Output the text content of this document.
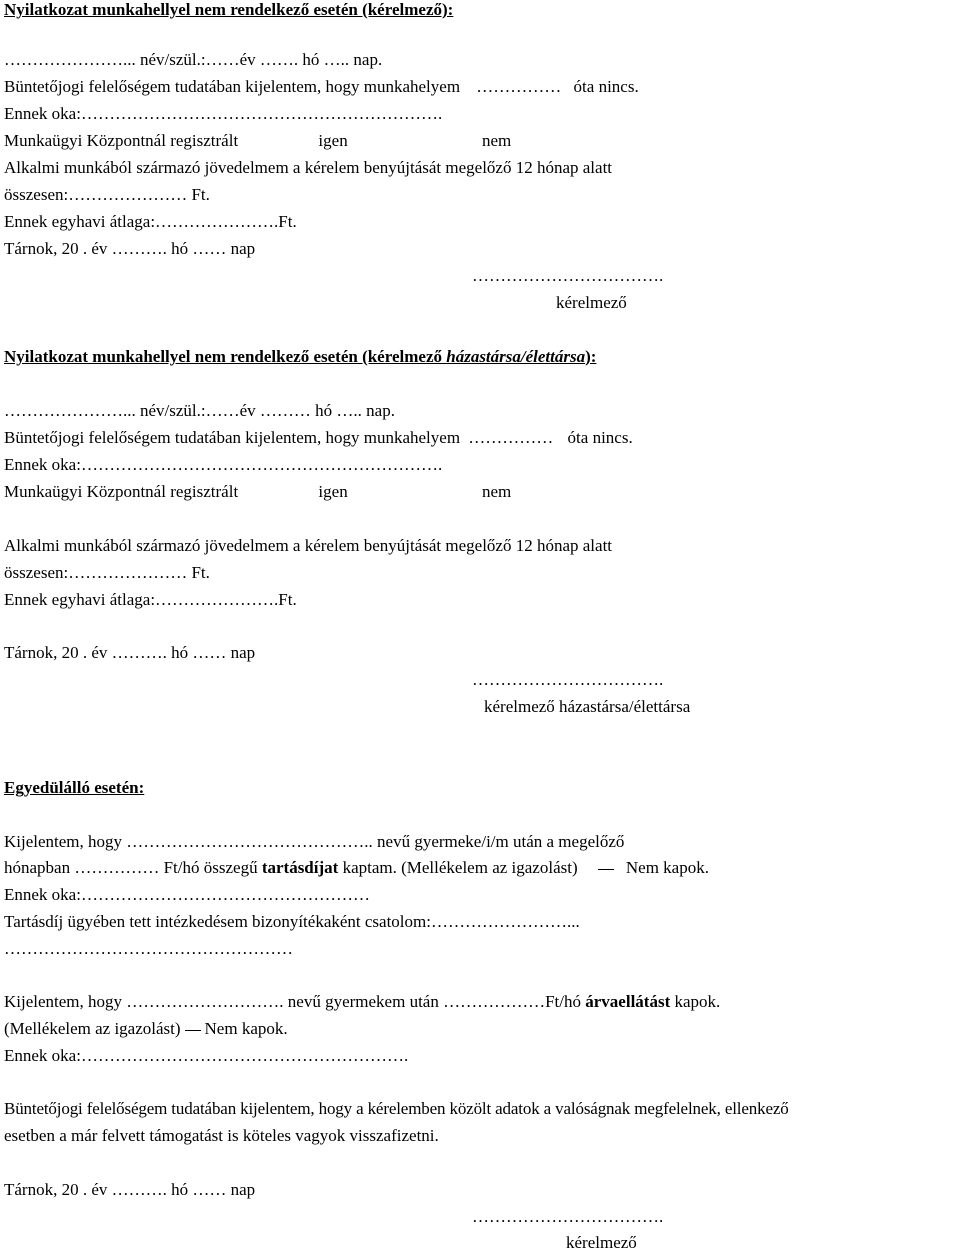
Nyilatkozat munkahellyel nem rendelkező esetén (kérelmező):
…………………... név/szül.:……év ……. hó ….. nap.
Büntetőjogi felelőségem tudatában kijelentem, hogy munkahelyem …………… óta nincs.
Ennek oka:……………………………………………………….
Munkaügyi Központnál regisztrált	igen	nem
Alkalmi munkából származó jövedelmem a kérelem benyújtását megelőző 12 hónap alatt
összesen:………………… Ft.
Ennek egyhavi átlaga:………………….Ft.
Tárnok, 20 . év ………. hó …… nap
…………………………….
kérelmező
Nyilatkozat munkahellyel nem rendelkező esetén (kérelmező házastársa/élettársa):
…………………... név/szül.:……év ……… hó ….. nap.
Büntetőjogi felelőségem tudatában kijelentem, hogy munkahelyem …………… óta nincs.
Ennek oka:……………………………………………………….
Munkaügyi Központnál regisztrált	igen	nem
Alkalmi munkából származó jövedelmem a kérelem benyújtását megelőző 12 hónap alatt
összesen:………………… Ft.
Ennek egyhavi átlaga:………………….Ft.
Tárnok, 20 . év ………. hó …… nap
…………………………….
kérelmező házastársa/élettársa
Egyedülálló esetén:
Kijelentem, hogy …………………………………….. nevű gyermeke/i/m után a megelőző
hónapban …………… Ft/hó összegű tartásdíjat kaptam. (Mellékelem az igazolást)	Nem kapok.
Ennek oka:……………………………………………
Tartásdíj ügyében tett intézkedésem bizonyítékaként csatolom:……………………...
……………………………………………
Kijelentem, hogy ………………………. nevű gyermekem után ………………Ft/hó árvaellátást kapok.
(Mellékelem az igazolást) Nem kapok.
Ennek oka:………………………………………………….
Büntetőjogi felelőségem tudatában kijelentem, hogy a kérelemben közölt adatok a valóságnak megfelelnek, ellenkező
esetben a már felvett támogatást is köteles vagyok visszafizetni.
Tárnok, 20 . év ………. hó …… nap
…………………………….
kérelmező
